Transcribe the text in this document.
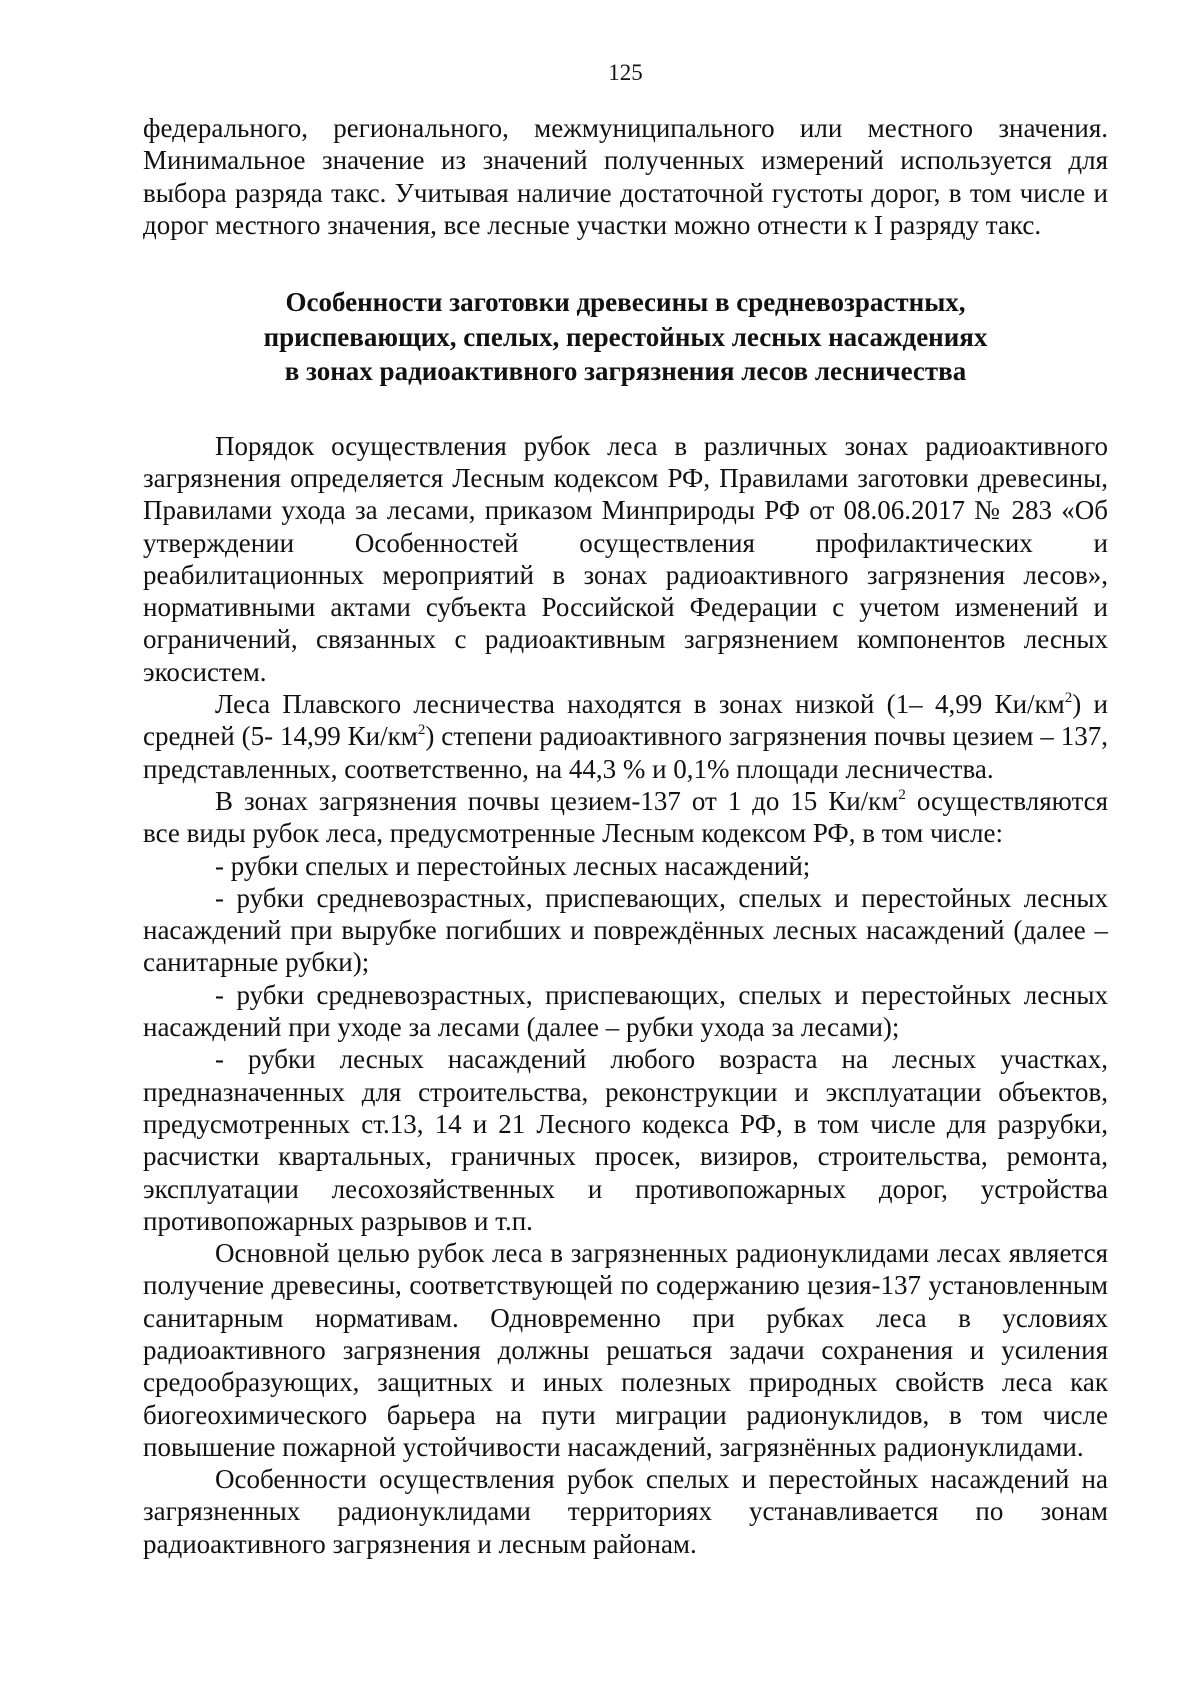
125

федерального, регионального, межмуниципального или местного значения. Минимальное значение из значений полученных измерений используется для выбора разряда такс. Учитывая наличие достаточной густоты дорог, в том числе и дорог местного значения, все лесные участки можно отнести к I разряду такс.

Особенности заготовки древесины в средневозрастных,
приспевающих, спелых, перестойных лесных насаждениях
в зонах радиоактивного загрязнения лесов лесничества

Порядок осуществления рубок леса в различных зонах радиоактивного загрязнения определяется Лесным кодексом РФ, Правилами заготовки древесины, Правилами ухода за лесами, приказом Минприроды РФ от 08.06.2017 № 283 «Об утверждении Особенностей осуществления профилактических и реабилитационных мероприятий в зонах радиоактивного загрязнения лесов», нормативными актами субъекта Российской Федерации с учетом изменений и ограничений, связанных с радиоактивным загрязнением компонентов лесных экосистем.

Леса Плавского лесничества находятся в зонах низкой (1– 4,99 $Ки/км^2$) и средней (5- 14,99 $Ки/км^2$) степени радиоактивного загрязнения почвы цезием – 137, представленных, соответственно, на 44,3 % и 0,1% площади лесничества.

В зонах загрязнения почвы цезием-137 от 1 до 15 $Ки/км^2$ осуществляются все виды рубок леса, предусмотренные Лесным кодексом РФ, в том числе:

- рубки спелых и перестойных лесных насаждений;

- рубки средневозрастных, приспевающих, спелых и перестойных лесных насаждений при вырубке погибших и повреждённых лесных насаждений (далее – санитарные рубки);

- рубки средневозрастных, приспевающих, спелых и перестойных лесных насаждений при уходе за лесами (далее – рубки ухода за лесами);

- рубки лесных насаждений любого возраста на лесных участках, предназначенных для строительства, реконструкции и эксплуатации объектов, предусмотренных ст.13, 14 и 21 Лесного кодекса РФ, в том числе для разрубки, расчистки квартальных, граничных просек, визиров, строительства, ремонта, эксплуатации лесохозяйственных и противопожарных дорог, устройства противопожарных разрывов и т.п.

Основной целью рубок леса в загрязненных радионуклидами лесах является получение древесины, соответствующей по содержанию цезия-137 установленным санитарным нормативам. Одновременно при рубках леса в условиях радиоактивного загрязнения должны решаться задачи сохранения и усиления средообразующих, защитных и иных полезных природных свойств леса как биогеохимического барьера на пути миграции радионуклидов, в том числе повышение пожарной устойчивости насаждений, загрязнённых радионуклидами.

Особенности осуществления рубок спелых и перестойных насаждений на загрязненных радионуклидами территориях устанавливается по зонам радиоактивного загрязнения и лесным районам.
